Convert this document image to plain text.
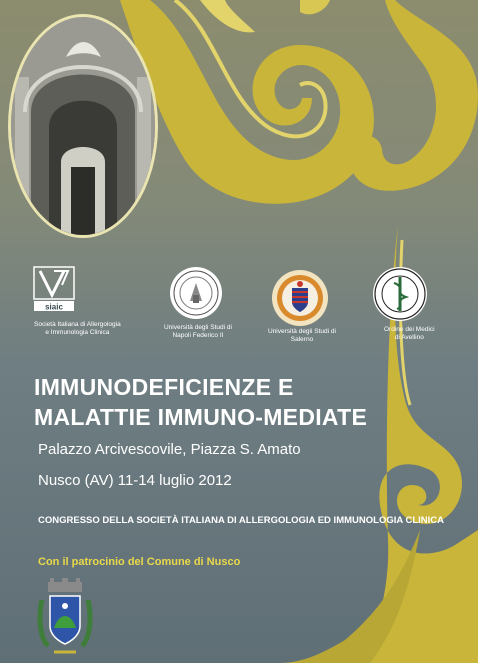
siaic
Società Italiana di Allergologia
e Immunologia Clinica
Università degli Studi di
Napoli Federico II
Università degli Studi di
Salerno
Ordine dei Medici
di Avellino
IMMUNODEFICIENZE E
MALATTIE IMMUNO-MEDIATE
Palazzo Arcivescovile, Piazza S. Amato
Nusco (AV) 11-14 luglio 2012
CONGRESSO DELLA SOCIETÀ ITALIANA DI ALLERGOLOGIA ED IMMUNOLOGIA CLINICA
Con il patrocinio del Comune di Nusco
